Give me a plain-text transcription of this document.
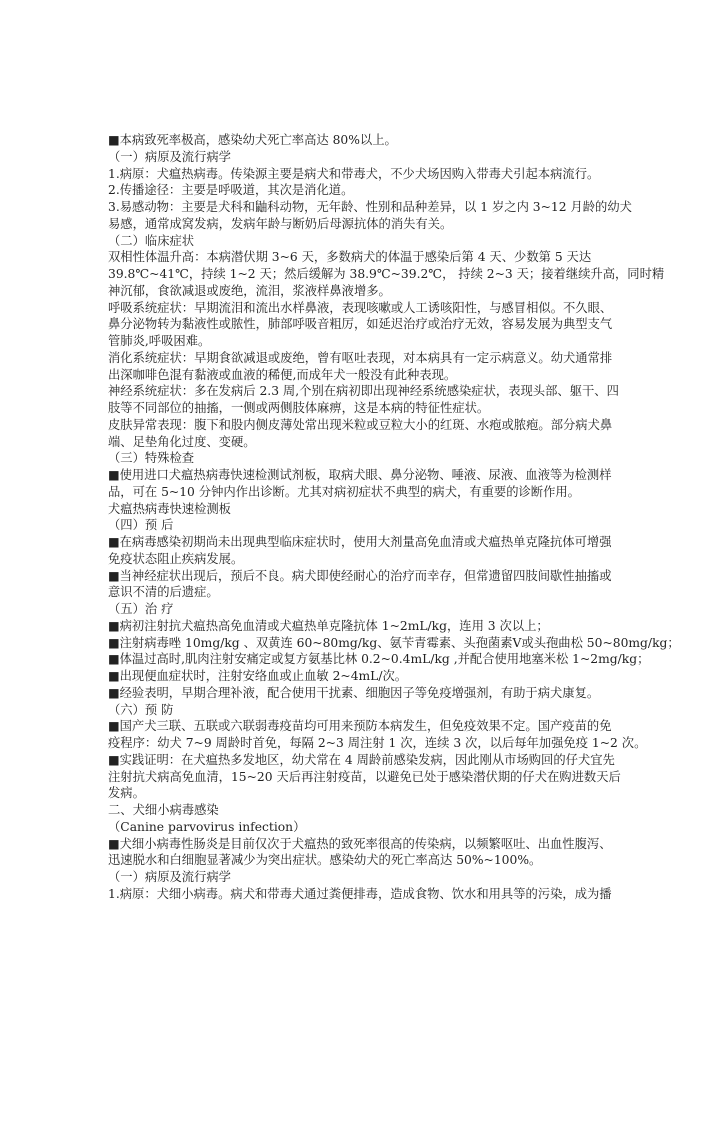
■本病致死率极高，感染幼犬死亡率高达 80%以上。
（一）病原及流行病学
1.病原：犬瘟热病毒。传染源主要是病犬和带毒犬，不少犬场因购入带毒犬引起本病流行。
2.传播途径：主要是呼吸道，其次是消化道。
3.易感动物：主要是犬科和鼬科动物，无年龄、性别和品种差异，以 1 岁之内 3~12 月龄的幼犬
易感，通常成窝发病，发病年龄与断奶后母源抗体的消失有关。
（二）临床症状
双相性体温升高：本病潜伏期 3~6 天，多数病犬的体温于感染后第 4 天、少数第 5 天达
39.8℃~41℃，持续 1~2 天；然后缓解为 38.9℃~39.2℃， 持续 2~3 天；接着继续升高，同时精
神沉郁，食欲减退或废绝，流泪，浆液样鼻液增多。
呼吸系统症状：早期流泪和流出水样鼻液，表现咳嗽或人工诱咳阳性，与感冒相似。不久眼、
鼻分泌物转为黏液性或脓性，肺部呼吸音粗厉，如延迟治疗或治疗无效，容易发展为典型支气
管肺炎,呼吸困难。
消化系统症状：早期食欲减退或废绝，曾有呕吐表现，对本病具有一定示病意义。幼犬通常排
出深咖啡色混有黏液或血液的稀便,而成年犬一般没有此种表现。
神经系统症状：多在发病后 2.3 周,个别在病初即出现神经系统感染症状，表现头部、躯干、四
肢等不同部位的抽搐，一侧或两侧肢体麻痹，这是本病的特征性症状。
皮肤异常表现：腹下和股内侧皮薄处常出现米粒或豆粒大小的红斑、水疱或脓疱。部分病犬鼻
端、足垫角化过度、变硬。
（三）特殊检查
■使用进口犬瘟热病毒快速检测试剂板，取病犬眼、鼻分泌物、唾液、尿液、血液等为检测样
品，可在 5~10 分钟内作出诊断。尤其对病初症状不典型的病犬，有重要的诊断作用。
犬瘟热病毒快速检测板
（四）预 后
■在病毒感染初期尚未出现典型临床症状时，使用大剂量高免血清或犬瘟热单克隆抗体可增强
免疫状态阻止疾病发展。
■当神经症状出现后，预后不良。病犬即使经耐心的治疗而幸存，但常遗留四肢间歇性抽搐或
意识不清的后遗症。
（五）治 疗
■病初注射抗犬瘟热高免血清或犬瘟热单克隆抗体 1~2mL/kg，连用 3 次以上；
■注射病毒唑 10mg/kg 、双黄连 60~80mg/kg、氨苄青霉素、头孢菌素Ⅴ或头孢曲松 50~80mg/kg；
■体温过高时,肌肉注射安痛定或复方氨基比林 0.2~0.4mL/kg ,并配合使用地塞米松 1~2mg/kg；
■出现便血症状时，注射安络血或止血敏 2~4mL/次。
■经验表明，早期合理补液，配合使用干扰素、细胞因子等免疫增强剂，有助于病犬康复。
（六）预 防
■国产犬三联、五联或六联弱毒疫苗均可用来预防本病发生，但免疫效果不定。国产疫苗的免
疫程序：幼犬 7~9 周龄时首免，每隔 2~3 周注射 1 次，连续 3 次，以后每年加强免疫 1~2 次。
■实践证明：在犬瘟热多发地区，幼犬常在 4 周龄前感染发病，因此刚从市场购回的仔犬宜先
注射抗犬病高免血清，15~20 天后再注射疫苗，以避免已处于感染潜伏期的仔犬在购进数天后
发病。
二、犬细小病毒感染
（Canine parvovirus infection）
■犬细小病毒性肠炎是目前仅次于犬瘟热的致死率很高的传染病，以频繁呕吐、出血性腹泻、
迅速脱水和白细胞显著减少为突出症状。感染幼犬的死亡率高达 50%~100%。
（一）病原及流行病学
1.病原：犬细小病毒。病犬和带毒犬通过粪便排毒，造成食物、饮水和用具等的污染，成为播
